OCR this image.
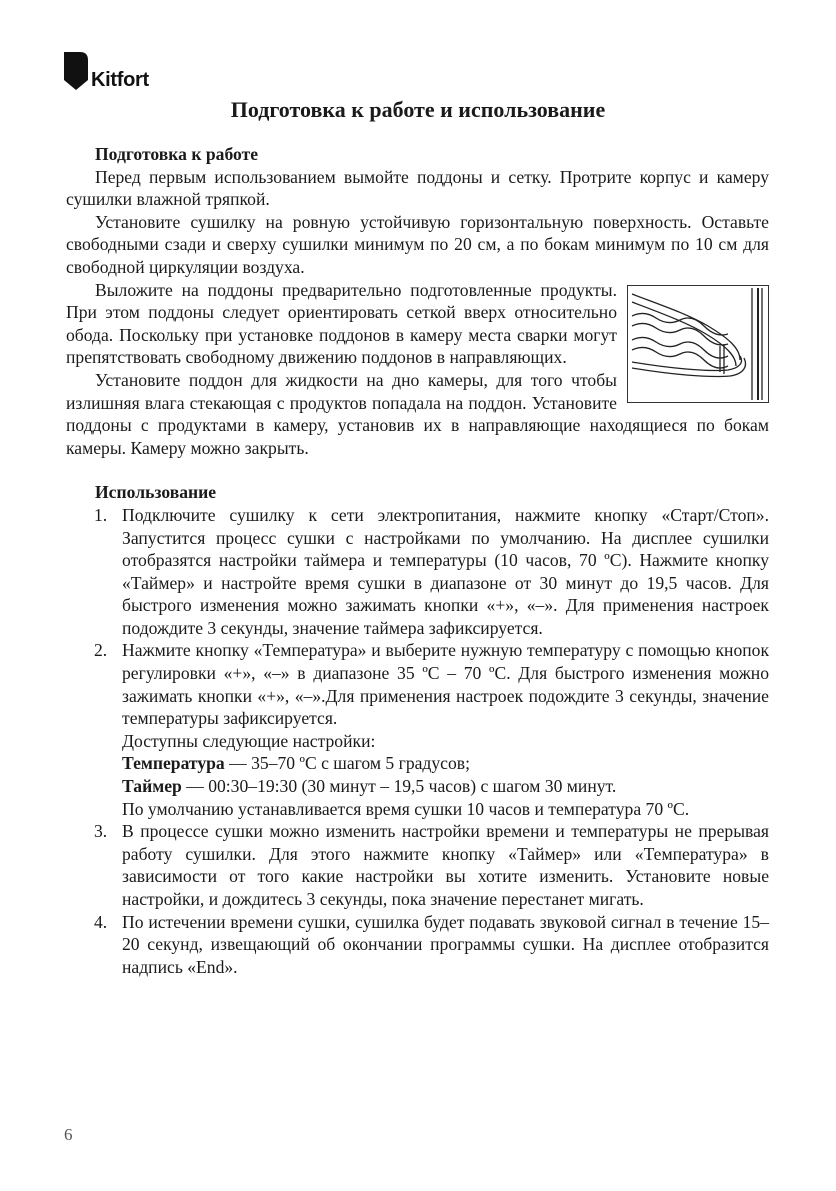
Kitfort
Подготовка к работе и использование
Подготовка к работе

Перед первым использованием вымойте поддоны и сетку. Протрите корпус и камеру сушилки влажной тряпкой.

Установите сушилку на ровную устойчивую горизонтальную поверхность. Оставьте свободными сзади и сверху сушилки минимум по 20 см, а по бокам минимум по 10 см для свободной циркуляции воздуха.

Выложите на поддоны предварительно подготовленные продукты. При этом поддоны следует ориентировать сеткой вверх относительно обода. Поскольку при установке поддонов в камеру места сварки могут препятствовать свободному движению поддонов в направляющих.

Установите поддон для жидкости на дно камеры, для того чтобы излишняя влага стекающая с продуктов попадала на поддон. Установите поддоны с продуктами в камеру, установив их в направляющие находящиеся по бокам камеры. Камеру можно закрыть.

Использование
1. Подключите сушилку к сети электропитания, нажмите кнопку «Старт/Стоп». Запустится процесс сушки с настройками по умолчанию. На дисплее сушилки отобразятся настройки таймера и температуры (10 часов, 70 ºС). Нажмите кнопку «Таймер» и настройте время сушки в диапазоне от 30 минут до 19,5 часов. Для быстрого изменения можно зажимать кнопки «+», «–». Для применения настроек подождите 3 секунды, значение таймера зафиксируется.
2. Нажмите кнопку «Температура» и выберите нужную температуру с помощью кнопок регулировки «+», «–» в диапазоне 35 ºС – 70 ºС. Для быстрого изменения можно зажимать кнопки «+», «–».Для применения настроек подождите 3 секунды, значение температуры зафиксируется.
Доступны следующие настройки:
Температура — 35–70 ºС с шагом 5 градусов;
Таймер — 00:30–19:30 (30 минут – 19,5 часов) с шагом 30 минут.
По умолчанию устанавливается время сушки 10 часов и температура 70 ºС.
3. В процессе сушки можно изменить настройки времени и температуры не прерывая работу сушилки. Для этого нажмите кнопку «Таймер» или «Температура» в зависимости от того какие настройки вы хотите изменить. Установите новые настройки, и дождитесь 3 секунды, пока значение перестанет мигать.
4. По истечении времени сушки, сушилка будет подавать звуковой сигнал в течение 15–20 секунд, извещающий об окончании программы сушки. На дисплее отобразится надпись «End».
6
